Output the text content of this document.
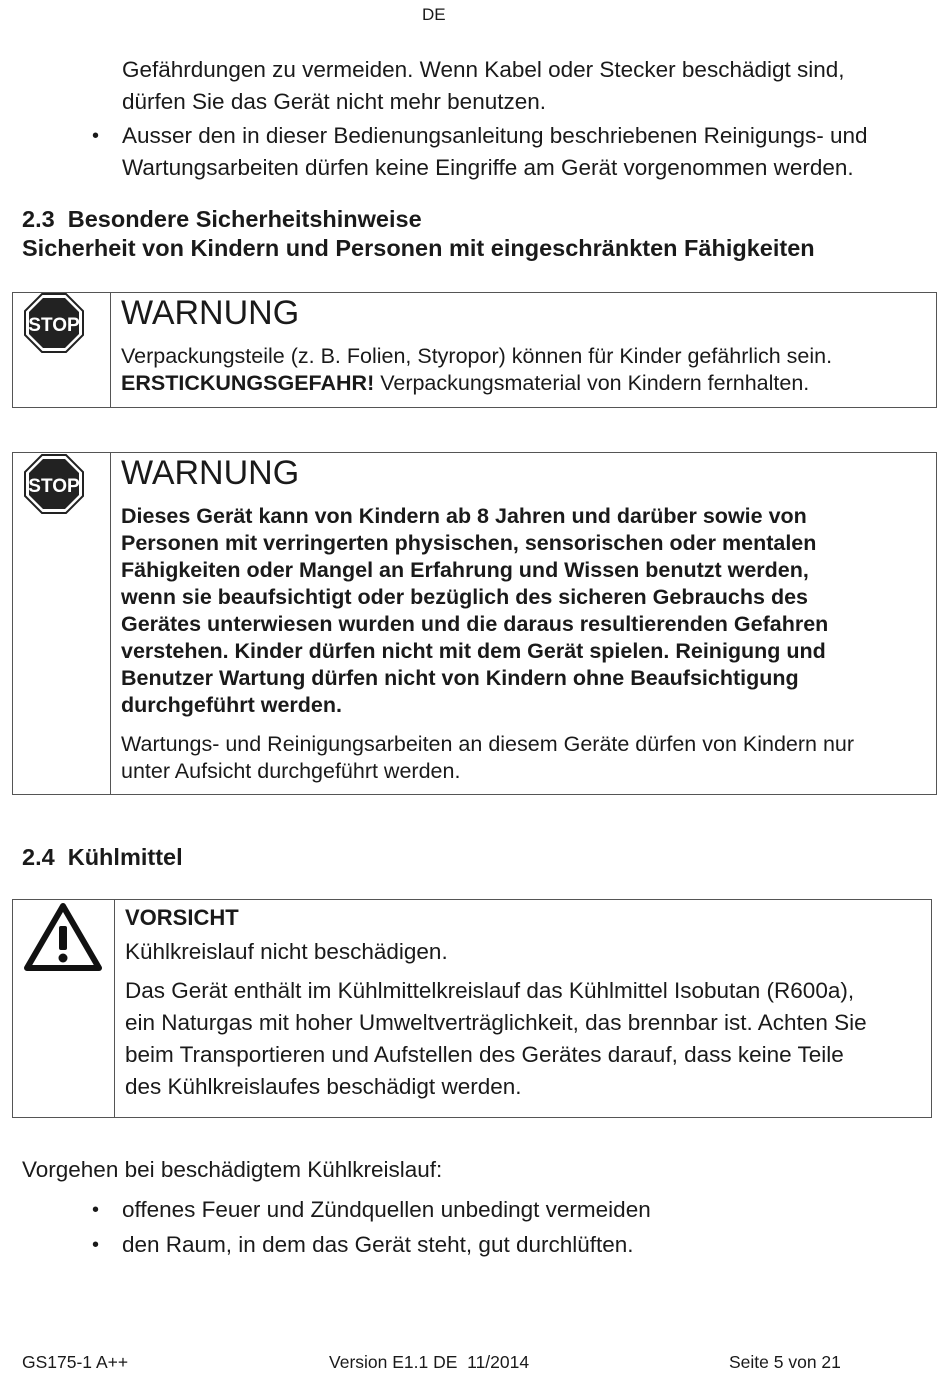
DE
Gefährdungen zu vermeiden. Wenn Kabel oder Stecker beschädigt sind, dürfen Sie das Gerät nicht mehr benutzen.
• Ausser den in dieser Bedienungsanleitung beschriebenen Reinigungs- und Wartungsarbeiten dürfen keine Eingriffe am Gerät vorgenommen werden.
2.3 Besondere Sicherheitshinweise
Sicherheit von Kindern und Personen mit eingeschränkten Fähigkeiten
STOP WARNUNG
Verpackungsteile (z. B. Folien, Styropor) können für Kinder gefährlich sein.
ERSTICKUNGSGEFAHR! Verpackungsmaterial von Kindern fernhalten.
STOP WARNUNG
Dieses Gerät kann von Kindern ab 8 Jahren und darüber sowie von
Personen mit verringerten physischen, sensorischen oder mentalen
Fähigkeiten oder Mangel an Erfahrung und Wissen benutzt werden,
wenn sie beaufsichtigt oder bezüglich des sicheren Gebrauchs des
Gerätes unterwiesen wurden und die daraus resultierenden Gefahren
verstehen. Kinder dürfen nicht mit dem Gerät spielen. Reinigung und
Benutzer Wartung dürfen nicht von Kindern ohne Beaufsichtigung
durchgeführt werden.
Wartungs- und Reinigungsarbeiten an diesem Geräte dürfen von Kindern nur
unter Aufsicht durchgeführt werden.
2.4 Kühlmittel
VORSICHT
Kühlkreislauf nicht beschädigen.
Das Gerät enthält im Kühlmittelkreislauf das Kühlmittel Isobutan (R600a),
ein Naturgas mit hoher Umweltverträglichkeit, das brennbar ist. Achten Sie
beim Transportieren und Aufstellen des Gerätes darauf, dass keine Teile
des Kühlkreislaufes beschädigt werden.
Vorgehen bei beschädigtem Kühlkreislauf:
• offenes Feuer und Zündquellen unbedingt vermeiden
• den Raum, in dem das Gerät steht, gut durchlüften.
GS175-1 A++	Version E1.1 DE  11/2014	Seite 5 von 21
